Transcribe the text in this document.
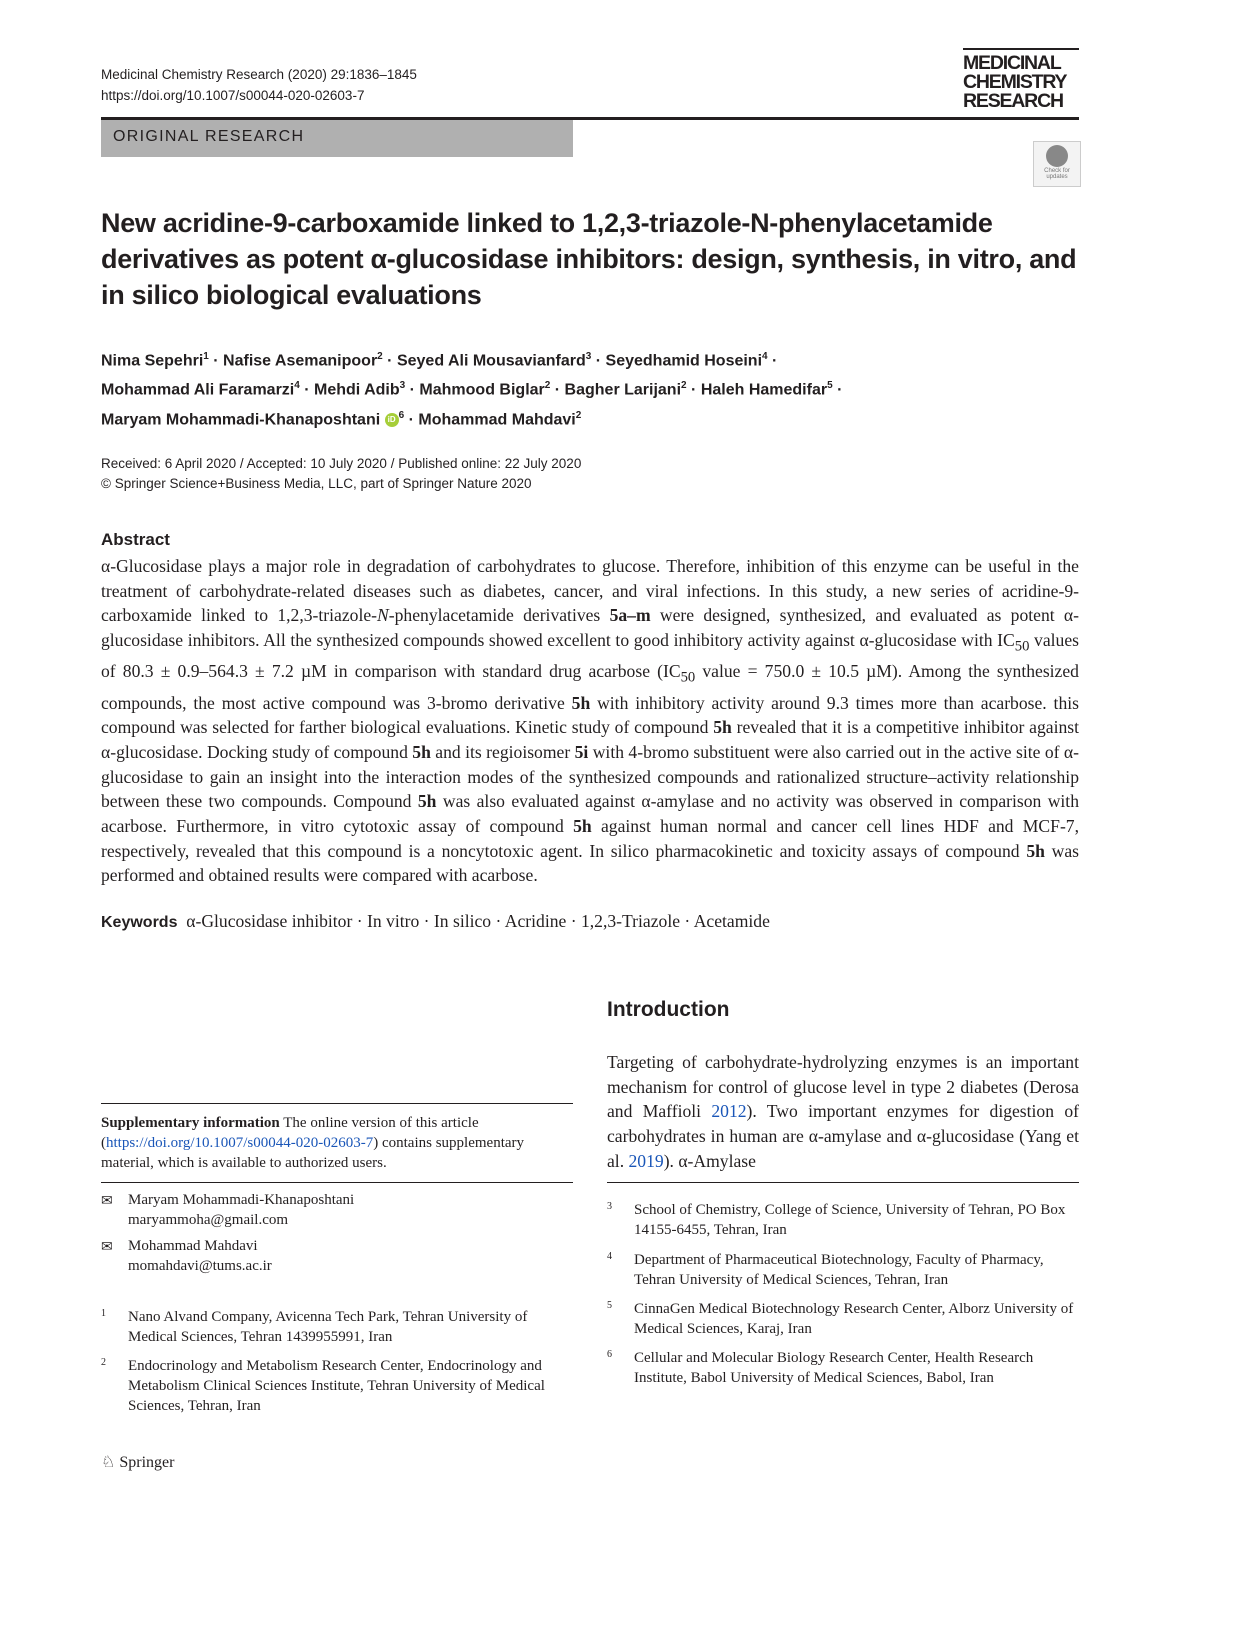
Medicinal Chemistry Research (2020) 29:1836–1845
https://doi.org/10.1007/s00044-020-02603-7
MEDICINAL
CHEMISTRY
RESEARCH
ORIGINAL RESEARCH
Check for updates
New acridine-9-carboxamide linked to 1,2,3-triazole-N-phenylacetamide derivatives as potent α-glucosidase inhibitors: design, synthesis, in vitro, and in silico biological evaluations
Nima Sepehri$^1$ · Nafise Asemanipoor$^2$ · Seyed Ali Mousavianfard$^3$ · Seyedhamid Hoseini$^4$ ·
Mohammad Ali Faramarzi$^4$ · Mehdi Adib$^3$ · Mahmood Biglar$^2$ · Bagher Larijani$^2$ · Haleh Hamedifar$^5$ ·
Maryam Mohammadi-Khanaposhtani iD $^6$ · Mohammad Mahdavi$^2$
Received: 6 April 2020 / Accepted: 10 July 2020 / Published online: 22 July 2020
© Springer Science+Business Media, LLC, part of Springer Nature 2020
Abstract
α-Glucosidase plays a major role in degradation of carbohydrates to glucose. Therefore, inhibition of this enzyme can be useful in the treatment of carbohydrate-related diseases such as diabetes, cancer, and viral infections. In this study, a new series of acridine-9-carboxamide linked to 1,2,3-triazole-N-phenylacetamide derivatives 5a–m were designed, synthesized, and evaluated as potent α-glucosidase inhibitors. All the synthesized compounds showed excellent to good inhibitory activity against α-glucosidase with $IC_{50}$ values of 80.3 ± 0.9–564.3 ± 7.2 µM in comparison with standard drug acarbose ($IC_{50}$ value = 750.0 ± 10.5 µM). Among the synthesized compounds, the most active compound was 3-bromo derivative 5h with inhibitory activity around 9.3 times more than acarbose. this compound was selected for farther biological evaluations. Kinetic study of compound 5h revealed that it is a competitive inhibitor against α-glucosidase. Docking study of compound 5h and its regioisomer 5i with 4-bromo substituent were also carried out in the active site of α-glucosidase to gain an insight into the interaction modes of the synthesized compounds and rationalized structure–activity relationship between these two compounds. Compound 5h was also evaluated against α-amylase and no activity was observed in comparison with acarbose. Furthermore, in vitro cytotoxic assay of compound 5h against human normal and cancer cell lines HDF and MCF-7, respectively, revealed that this compound is a noncytotoxic agent. In silico pharmacokinetic and toxicity assays of compound 5h was performed and obtained results were compared with acarbose.
Keywords α-Glucosidase inhibitor · In vitro · In silico · Acridine · 1,2,3-Triazole · Acetamide
Introduction
Targeting of carbohydrate-hydrolyzing enzymes is an important mechanism for control of glucose level in type 2 diabetes (Derosa and Maffioli 2012). Two important enzymes for digestion of carbohydrates in human are α-amylase and α-glucosidase (Yang et al. 2019). α-Amylase
Supplementary information The online version of this article (https://doi.org/10.1007/s00044-020-02603-7) contains supplementary material, which is available to authorized users.
✉	Maryam Mohammadi-Khanaposhtani
maryammoha@gmail.com
✉	Mohammad Mahdavi
momahdavi@tums.ac.ir
1 Nano Alvand Company, Avicenna Tech Park, Tehran University of Medical Sciences, Tehran 1439955991, Iran
2 Endocrinology and Metabolism Research Center, Endocrinology and Metabolism Clinical Sciences Institute, Tehran University of Medical Sciences, Tehran, Iran
3 School of Chemistry, College of Science, University of Tehran, PO Box 14155-6455, Tehran, Iran
4 Department of Pharmaceutical Biotechnology, Faculty of Pharmacy, Tehran University of Medical Sciences, Tehran, Iran
5 CinnaGen Medical Biotechnology Research Center, Alborz University of Medical Sciences, Karaj, Iran
6 Cellular and Molecular Biology Research Center, Health Research Institute, Babol University of Medical Sciences, Babol, Iran
♘ Springer
